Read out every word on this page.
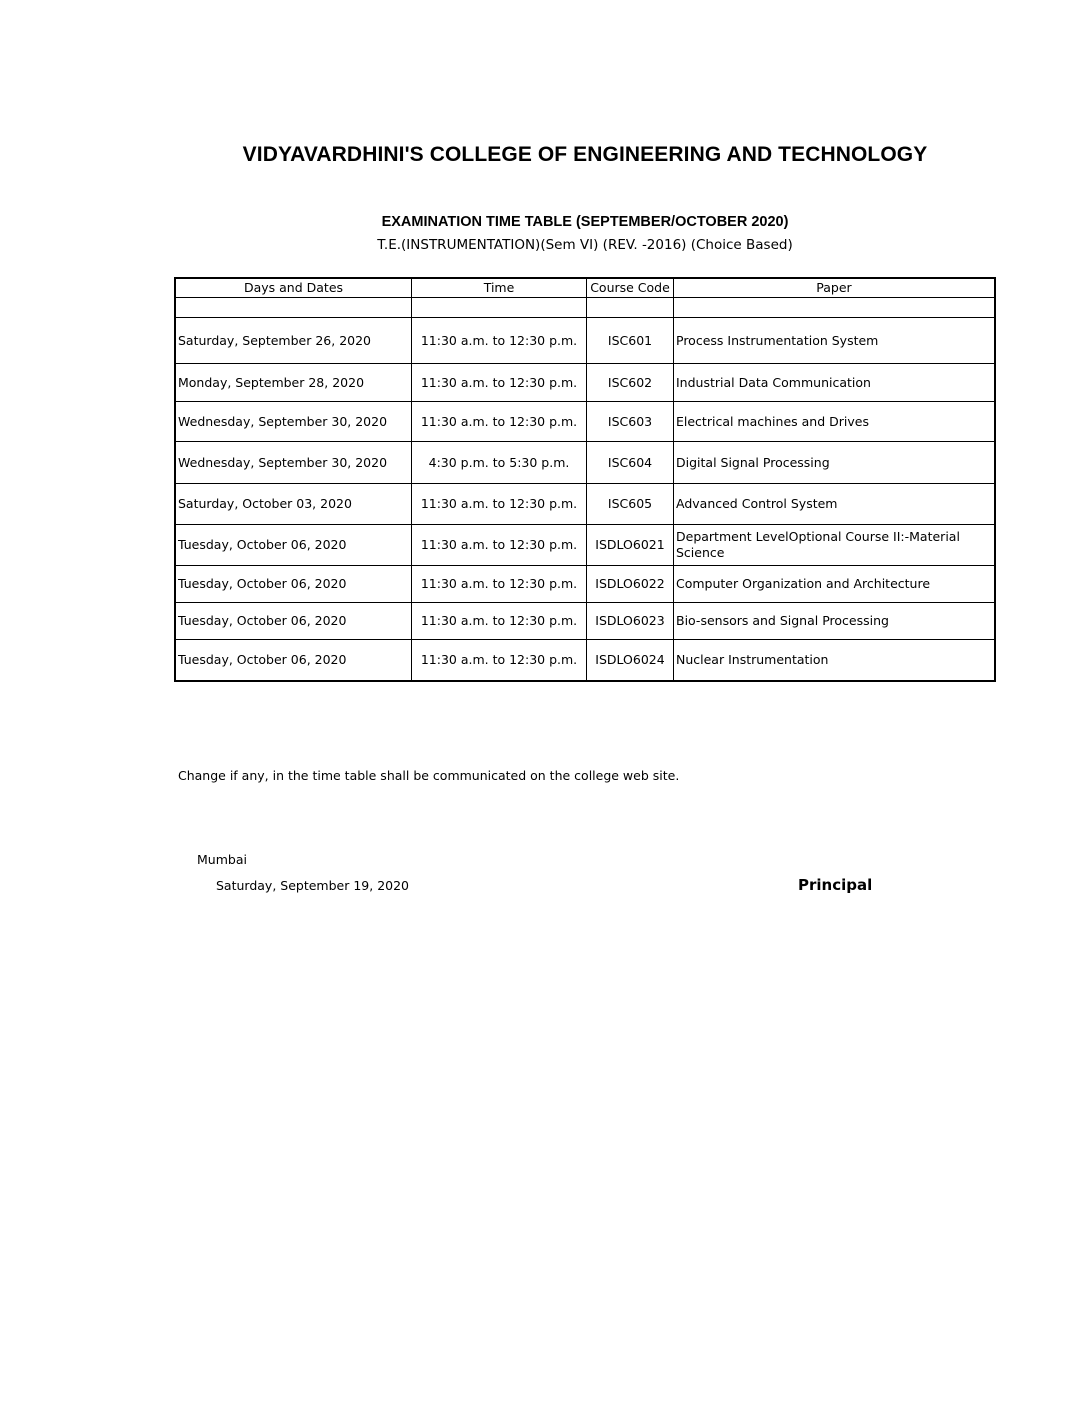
VIDYAVARDHINI'S COLLEGE OF ENGINEERING AND TECHNOLOGY
EXAMINATION TIME TABLE (SEPTEMBER/OCTOBER 2020)
T.E.(INSTRUMENTATION)(Sem VI) (REV. -2016) (Choice Based)
Days and Dates	Time	Course Code	Paper

Saturday, September 26, 2020	11:30 a.m. to 12:30 p.m.	ISC601	Process Instrumentation System
Monday, September 28, 2020	11:30 a.m. to 12:30 p.m.	ISC602	Industrial Data Communication
Wednesday, September 30, 2020	11:30 a.m. to 12:30 p.m.	ISC603	Electrical machines and Drives
Wednesday, September 30, 2020	4:30 p.m. to 5:30 p.m.	ISC604	Digital Signal Processing
Saturday, October 03, 2020	11:30 a.m. to 12:30 p.m.	ISC605	Advanced Control System
Tuesday, October 06, 2020	11:30 a.m. to 12:30 p.m.	ISDLO6021	Department LevelOptional Course II:-Material Science
Tuesday, October 06, 2020	11:30 a.m. to 12:30 p.m.	ISDLO6022	Computer Organization and Architecture
Tuesday, October 06, 2020	11:30 a.m. to 12:30 p.m.	ISDLO6023	Bio-sensors and Signal Processing
Tuesday, October 06, 2020	11:30 a.m. to 12:30 p.m.	ISDLO6024	Nuclear Instrumentation
Change if any, in the time table shall be communicated on the college web site.
Mumbai
Saturday, September 19, 2020	Principal
